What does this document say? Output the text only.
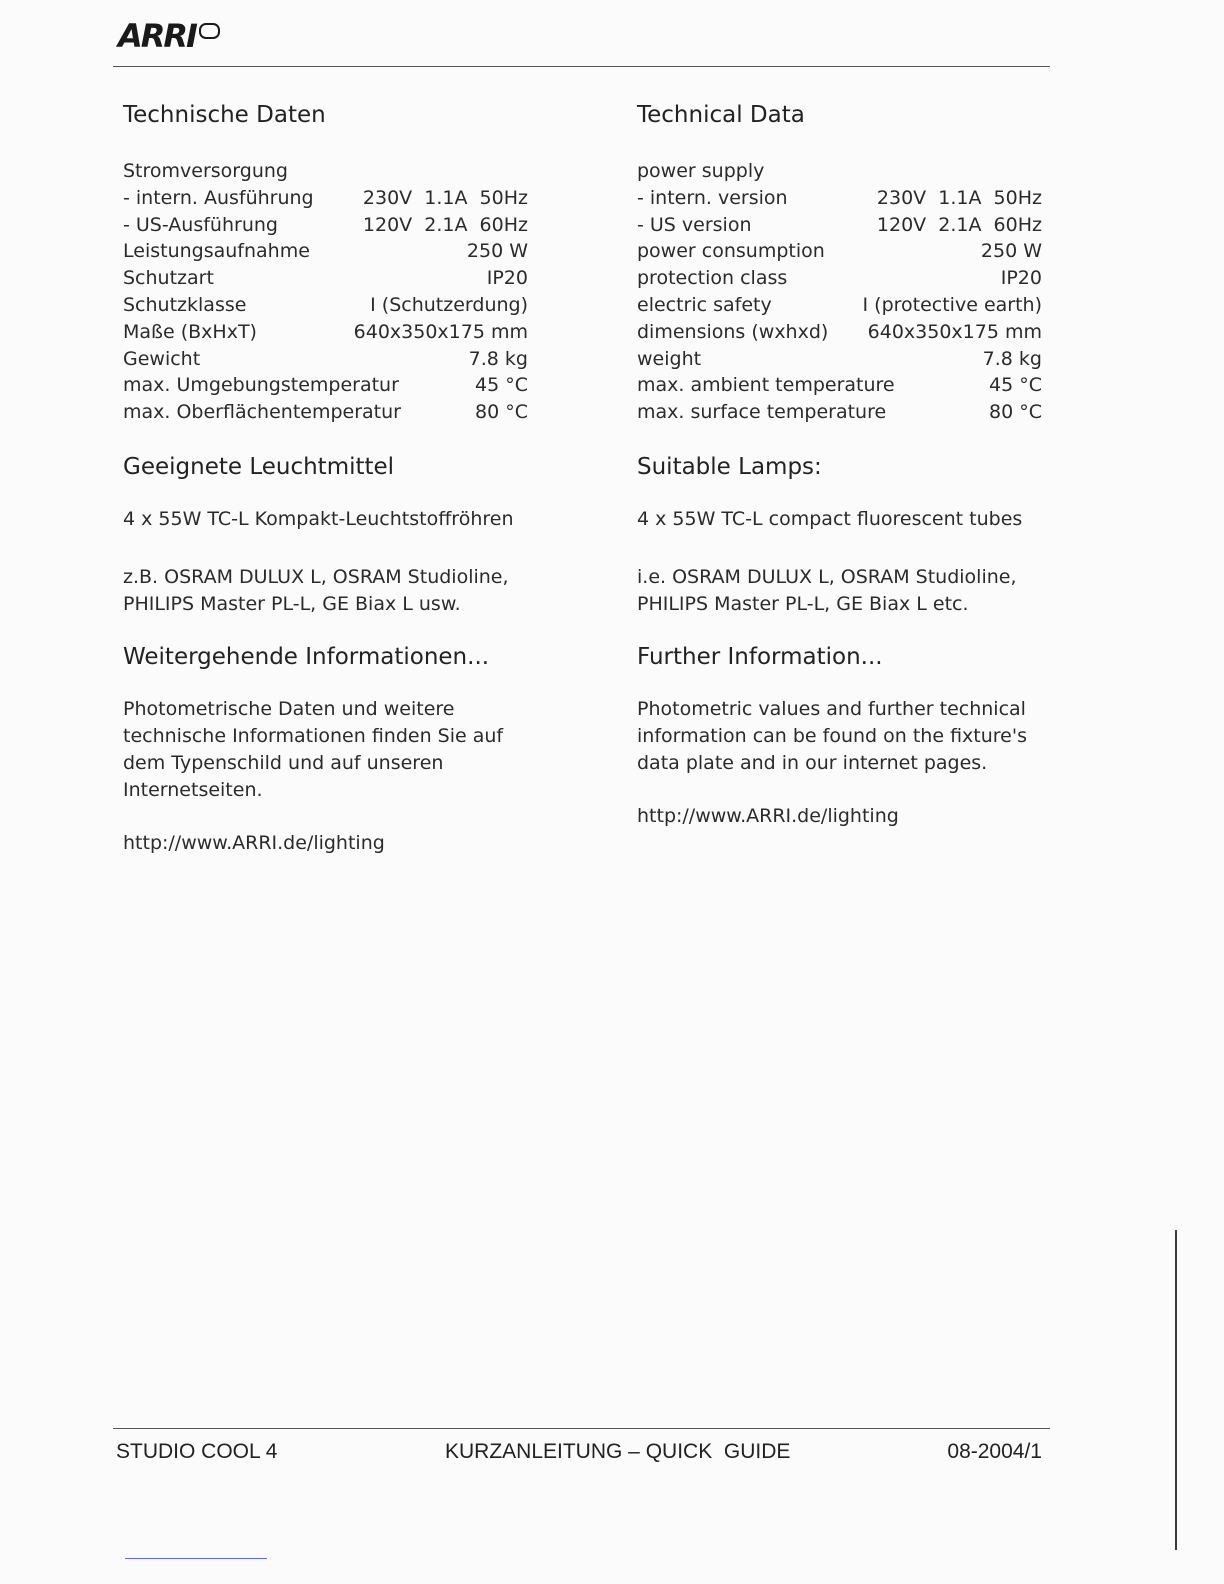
ARRI
Technische Daten
Stromversorgung
- intern. Ausführung	230V  1.1A  50Hz
- US-Ausführung	120V  2.1A  60Hz
Leistungsaufnahme	250 W
Schutzart	IP20
Schutzklasse	I (Schutzerdung)
Maße (BxHxT)	640x350x175 mm
Gewicht	7.8 kg
max. Umgebungstemperatur	45 °C
max. Oberflächentemperatur	80 °C
Geeignete Leuchtmittel

4 x 55W TC-L Kompakt-Leuchtstoffröhren

z.B. OSRAM DULUX L, OSRAM Studioline,

PHILIPS Master PL-L, GE Biax L usw.

Weitergehende Informationen...

Photometrische Daten und weitere

technische Informationen finden Sie auf

dem Typenschild und auf unseren

Internetseiten.

http://www.ARRI.de/lighting
Technical Data
power supply
- intern. version	230V  1.1A  50Hz
- US version	120V  2.1A  60Hz
power consumption	250 W
protection class	IP20
electric safety	I (protective earth)
dimensions (wxhxd) 640x350x175 mm
weight	7.8 kg
max. ambient temperature	45 °C
max. surface temperature	80 °C
Suitable Lamps:

4 x 55W TC-L compact fluorescent tubes

i.e. OSRAM DULUX L, OSRAM Studioline,

PHILIPS Master PL-L, GE Biax L etc.

Further Information...

Photometric values and further technical

information can be found on the fixture's

data plate and in our internet pages.

http://www.ARRI.de/lighting
STUDIO COOL 4	KURZANLEITUNG – QUICK  GUIDE	08-2004/1
